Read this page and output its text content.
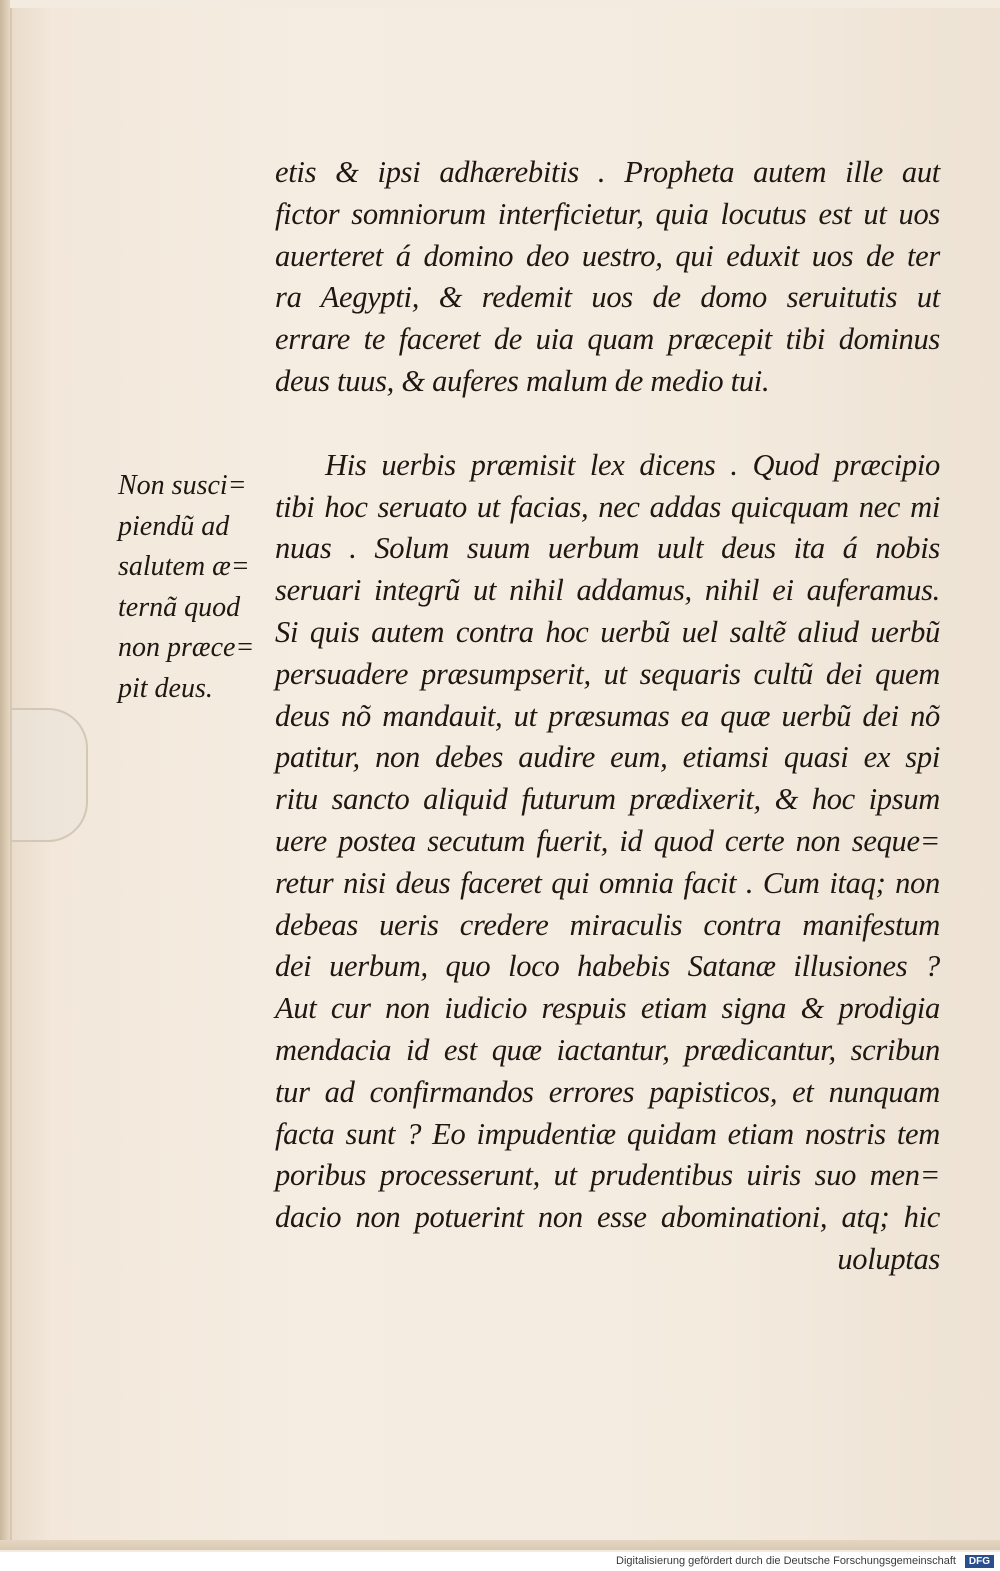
Non susci=
piendũ ad
salutem æ=
ternã quod
non præce=
pit deus.
etis & ipsi adhærebitis . Propheta autem ille aut
fictor somniorum interficietur, quia locutus est ut uos
auerteret á domino deo uestro, qui eduxit uos de ter
ra Aegypti, & redemit uos de domo seruitutis ut
errare te faceret de uia quam præcepit tibi dominus
deus tuus, & auferes malum de medio tui.
His uerbis præmisit lex dicens . Quod præcipio
tibi hoc seruato ut facias, nec addas quicquam nec mi
nuas . Solum suum uerbum uult deus ita á nobis
seruari integrũ ut nihil addamus, nihil ei auferamus.
Si quis autem contra hoc uerbũ uel saltẽ aliud uerbũ
persuadere præsumpserit, ut sequaris cultũ dei quem
deus nõ mandauit, ut præsumas ea quæ uerbũ dei nõ
patitur, non debes audire eum, etiamsi quasi ex spi
ritu sancto aliquid futurum prædixerit, & hoc ipsum
uere postea secutum fuerit, id quod certe non seque=
retur nisi deus faceret qui omnia facit . Cum itaq; non
debeas ueris credere miraculis contra manifestum
dei uerbum, quo loco habebis Satanæ illusiones ?
Aut cur non iudicio respuis etiam signa & prodigia
mendacia id est quæ iactantur, prædicantur, scribun
tur ad confirmandos errores papisticos, et nunquam
facta sunt ? Eo impudentiæ quidam etiam nostris tem
poribus processerunt, ut prudentibus uiris suo men=
dacio non potuerint non esse abominationi, atq; hic
uoluptas
Digitalisierung gefördert durch die Deutsche Forschungsgemeinschaft	DFG
